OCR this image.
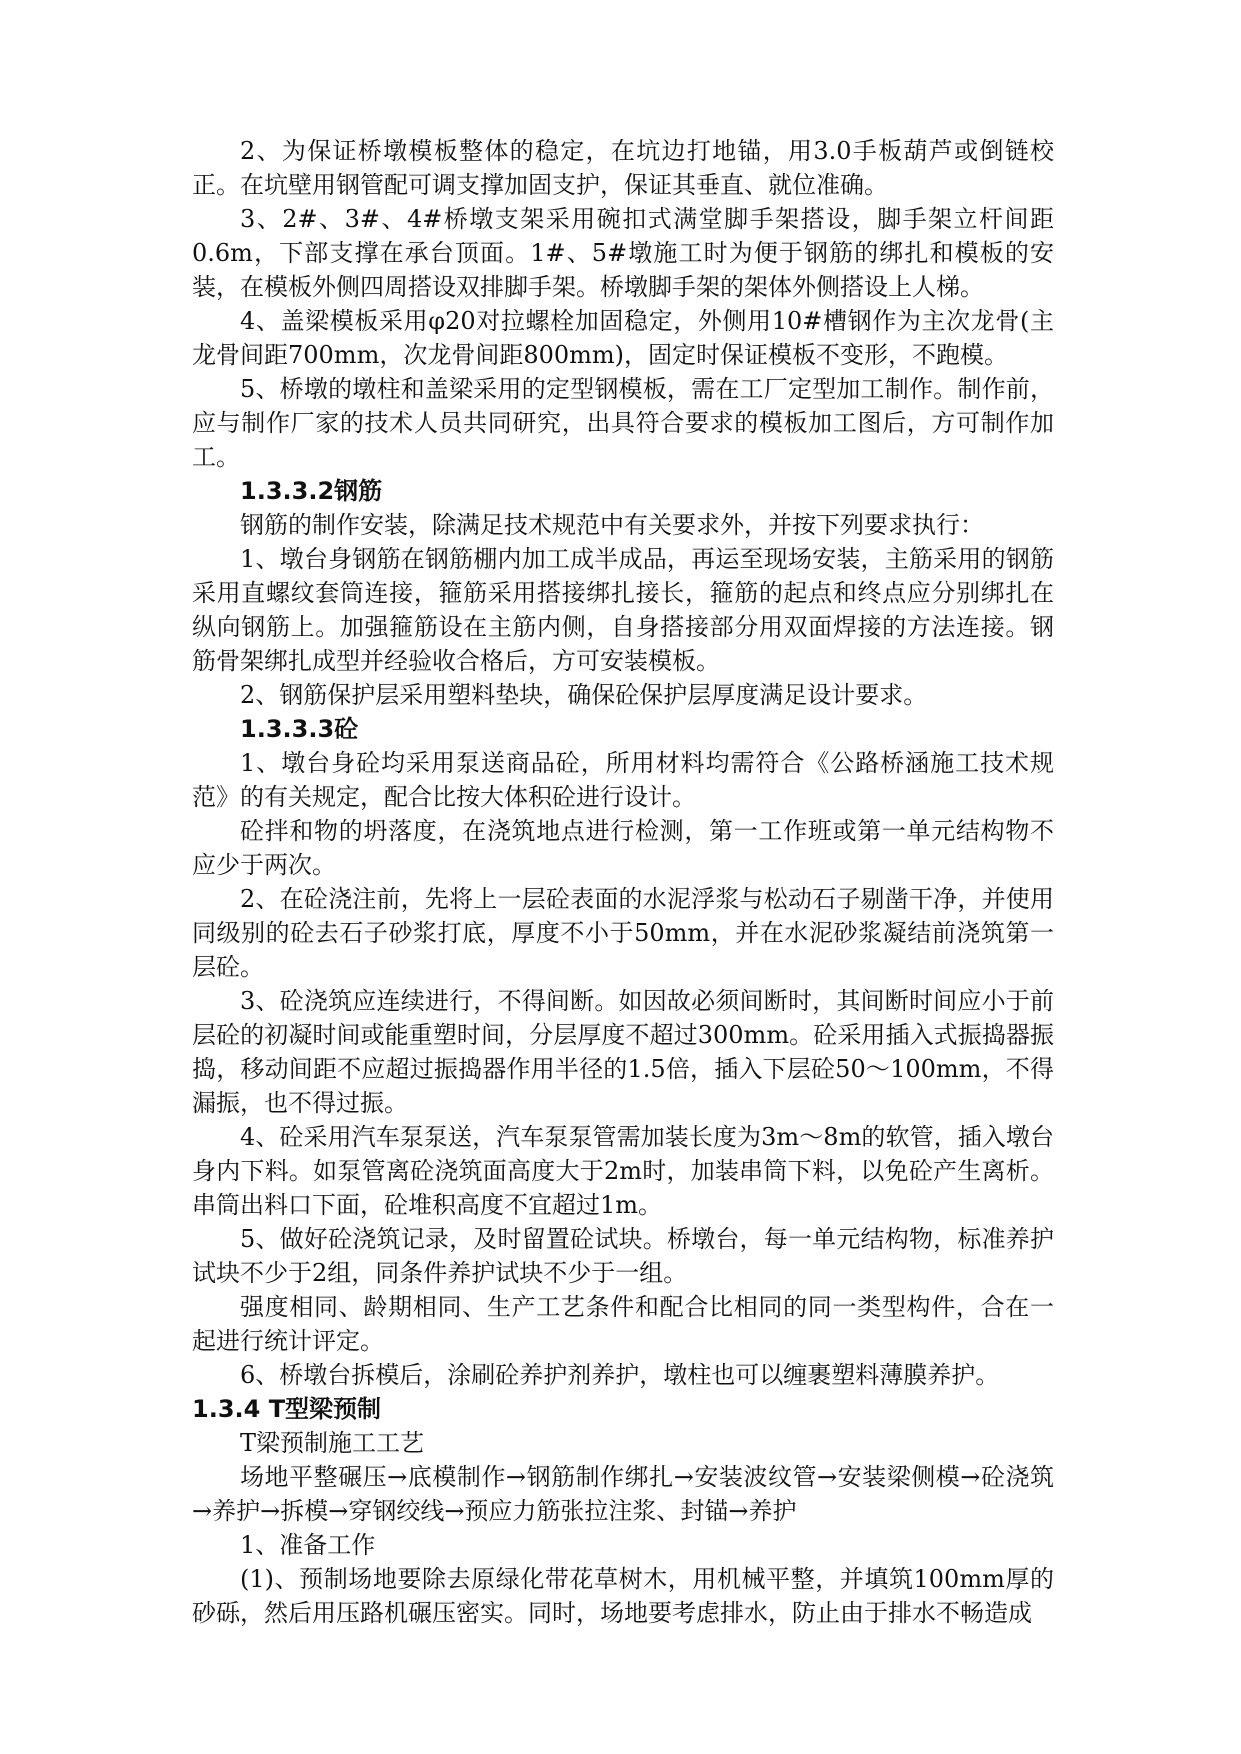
2、为保证桥墩模板整体的稳定，在坑边打地锚，用3.0手板葫芦或倒链校正。在坑壁用钢管配可调支撑加固支护，保证其垂直、就位准确。

3、2#、3#、4#桥墩支架采用碗扣式满堂脚手架搭设，脚手架立杆间距0.6m，下部支撑在承台顶面。1#、5#墩施工时为便于钢筋的绑扎和模板的安装，在模板外侧四周搭设双排脚手架。桥墩脚手架的架体外侧搭设上人梯。

4、盖梁模板采用φ20对拉螺栓加固稳定，外侧用10#槽钢作为主次龙骨(主龙骨间距700mm，次龙骨间距800mm)，固定时保证模板不变形，不跑模。

5、桥墩的墩柱和盖梁采用的定型钢模板，需在工厂定型加工制作。制作前，应与制作厂家的技术人员共同研究，出具符合要求的模板加工图后，方可制作加工。

1.3.3.2钢筋

钢筋的制作安装，除满足技术规范中有关要求外，并按下列要求执行：

1、墩台身钢筋在钢筋棚内加工成半成品，再运至现场安装，主筋采用的钢筋采用直螺纹套筒连接，箍筋采用搭接绑扎接长，箍筋的起点和终点应分别绑扎在纵向钢筋上。加强箍筋设在主筋内侧，自身搭接部分用双面焊接的方法连接。钢筋骨架绑扎成型并经验收合格后，方可安装模板。

2、钢筋保护层采用塑料垫块，确保砼保护层厚度满足设计要求。

1.3.3.3砼

1、墩台身砼均采用泵送商品砼，所用材料均需符合《公路桥涵施工技术规范》的有关规定，配合比按大体积砼进行设计。

砼拌和物的坍落度，在浇筑地点进行检测，第一工作班或第一单元结构物不应少于两次。

2、在砼浇注前，先将上一层砼表面的水泥浮浆与松动石子剔凿干净，并使用同级别的砼去石子砂浆打底，厚度不小于50mm，并在水泥砂浆凝结前浇筑第一层砼。

3、砼浇筑应连续进行，不得间断。如因故必须间断时，其间断时间应小于前层砼的初凝时间或能重塑时间，分层厚度不超过300mm。砼采用插入式振捣器振捣，移动间距不应超过振捣器作用半径的1.5倍，插入下层砼50～100mm，不得漏振，也不得过振。

4、砼采用汽车泵泵送，汽车泵泵管需加装长度为3m～8m的软管，插入墩台身内下料。如泵管离砼浇筑面高度大于2m时，加装串筒下料，以免砼产生离析。串筒出料口下面，砼堆积高度不宜超过1m。

5、做好砼浇筑记录，及时留置砼试块。桥墩台，每一单元结构物，标准养护试块不少于2组，同条件养护试块不少于一组。

强度相同、龄期相同、生产工艺条件和配合比相同的同一类型构件，合在一起进行统计评定。

6、桥墩台拆模后，涂刷砼养护剂养护，墩柱也可以缠裹塑料薄膜养护。

1.3.4 T型梁预制

T梁预制施工工艺

场地平整碾压→底模制作→钢筋制作绑扎→安装波纹管→安装梁侧模→砼浇筑→养护→拆模→穿钢绞线→预应力筋张拉注浆、封锚→养护

1、准备工作

(1)、预制场地要除去原绿化带花草树木，用机械平整，并填筑100mm厚的砂砾，然后用压路机碾压密实。同时，场地要考虑排水，防止由于排水不畅造成
